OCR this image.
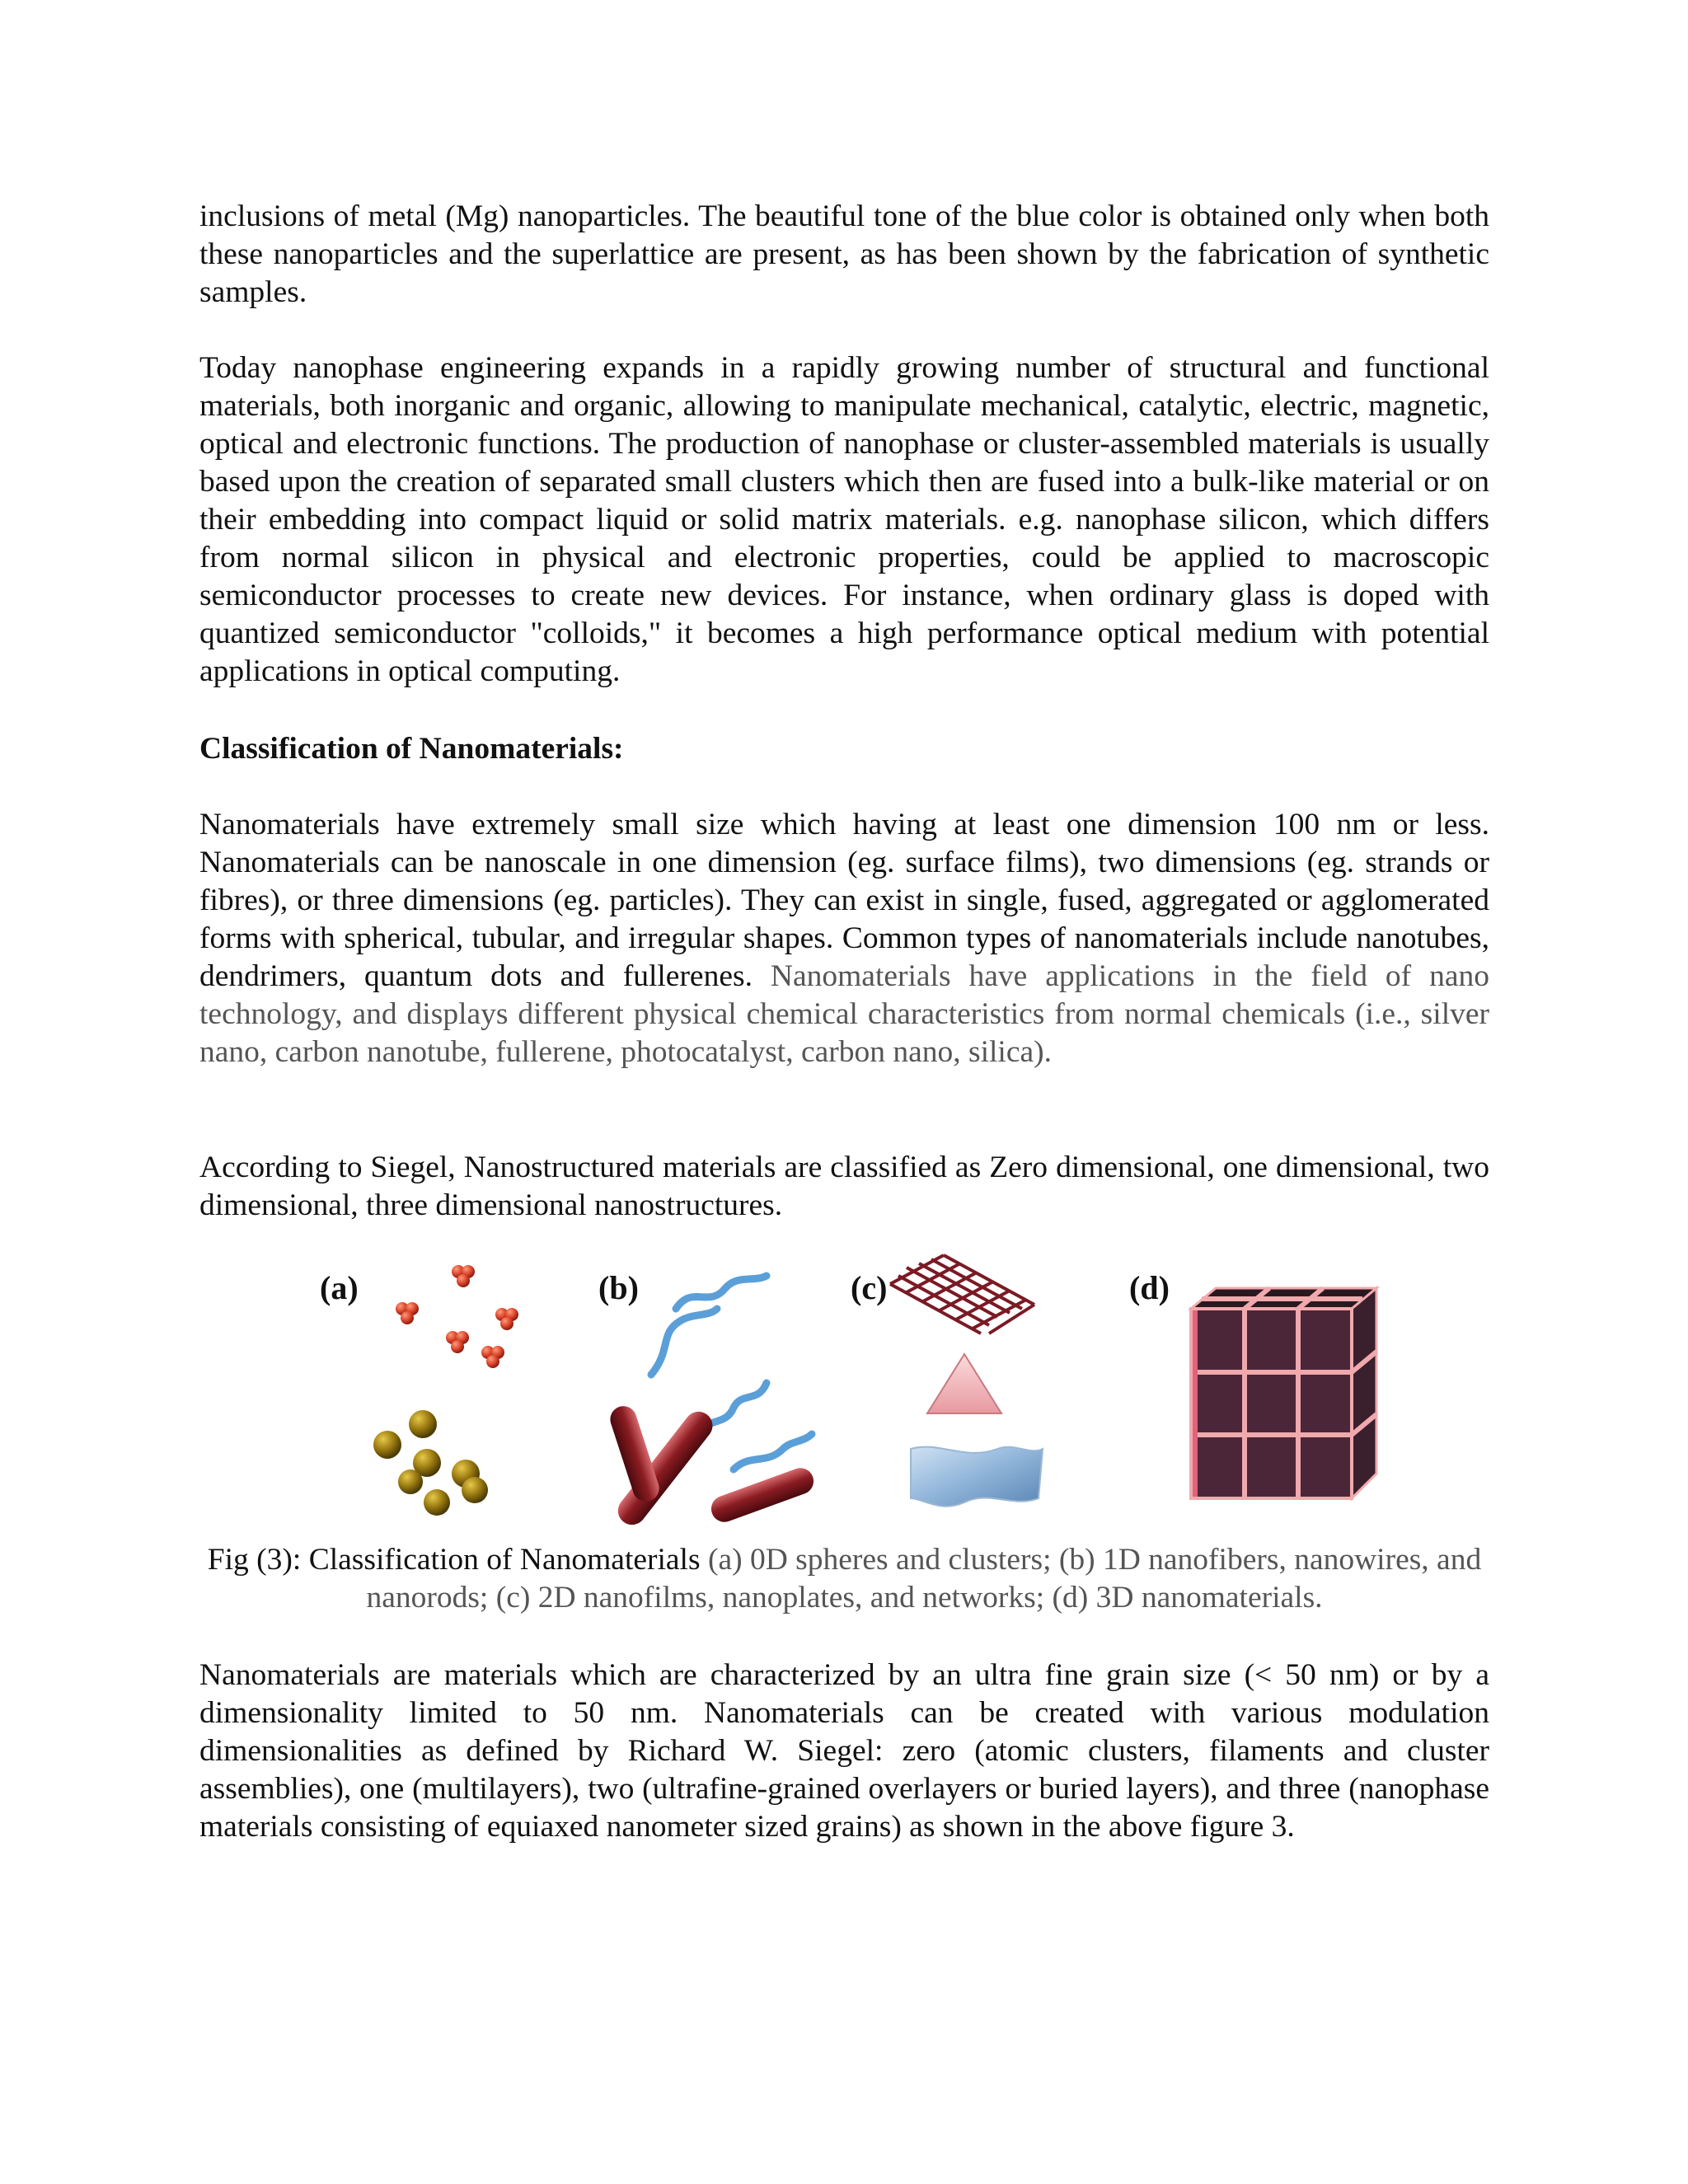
inclusions of metal (Mg) nanoparticles. The beautiful tone of the blue color is obtained only when both these nanoparticles and the superlattice are present, as has been shown by the fabrication of synthetic samples.

Today nanophase engineering expands in a rapidly growing number of structural and functional materials, both inorganic and organic, allowing to manipulate mechanical, catalytic, electric, magnetic, optical and electronic functions. The production of nanophase or cluster-assembled materials is usually based upon the creation of separated small clusters which then are fused into a bulk-like material or on their embedding into compact liquid or solid matrix materials. e.g. nanophase silicon, which differs from normal silicon in physical and electronic properties, could be applied to macroscopic semiconductor processes to create new devices. For instance, when ordinary glass is doped with quantized semiconductor "colloids," it becomes a high performance optical medium with potential applications in optical computing.

Classification of Nanomaterials:

Nanomaterials have extremely small size which having at least one dimension 100 nm or less. Nanomaterials can be nanoscale in one dimension (eg. surface films), two dimensions (eg. strands or fibres), or three dimensions (eg. particles). They can exist in single, fused, aggregated or agglomerated forms with spherical, tubular, and irregular shapes. Common types of nanomaterials include nanotubes, dendrimers, quantum dots and fullerenes. Nanomaterials have applications in the field of nano technology, and displays different physical chemical characteristics from normal chemicals (i.e., silver nano, carbon nanotube, fullerene, photocatalyst, carbon nano, silica).

According to Siegel, Nanostructured materials are classified as Zero dimensional, one dimensional, two dimensional, three dimensional nanostructures.

(a)	(b)	(c)	(d)

Fig (3): Classification of Nanomaterials (a) 0D spheres and clusters; (b) 1D nanofibers, nanowires, and nanorods; (c) 2D nanofilms, nanoplates, and networks; (d) 3D nanomaterials.

Nanomaterials are materials which are characterized by an ultra fine grain size (< 50 nm) or by a dimensionality limited to 50 nm. Nanomaterials can be created with various modulation dimensionalities as defined by Richard W. Siegel: zero (atomic clusters, filaments and cluster assemblies), one (multilayers), two (ultrafine-grained overlayers or buried layers), and three (nanophase materials consisting of equiaxed nanometer sized grains) as shown in the above figure 3.
